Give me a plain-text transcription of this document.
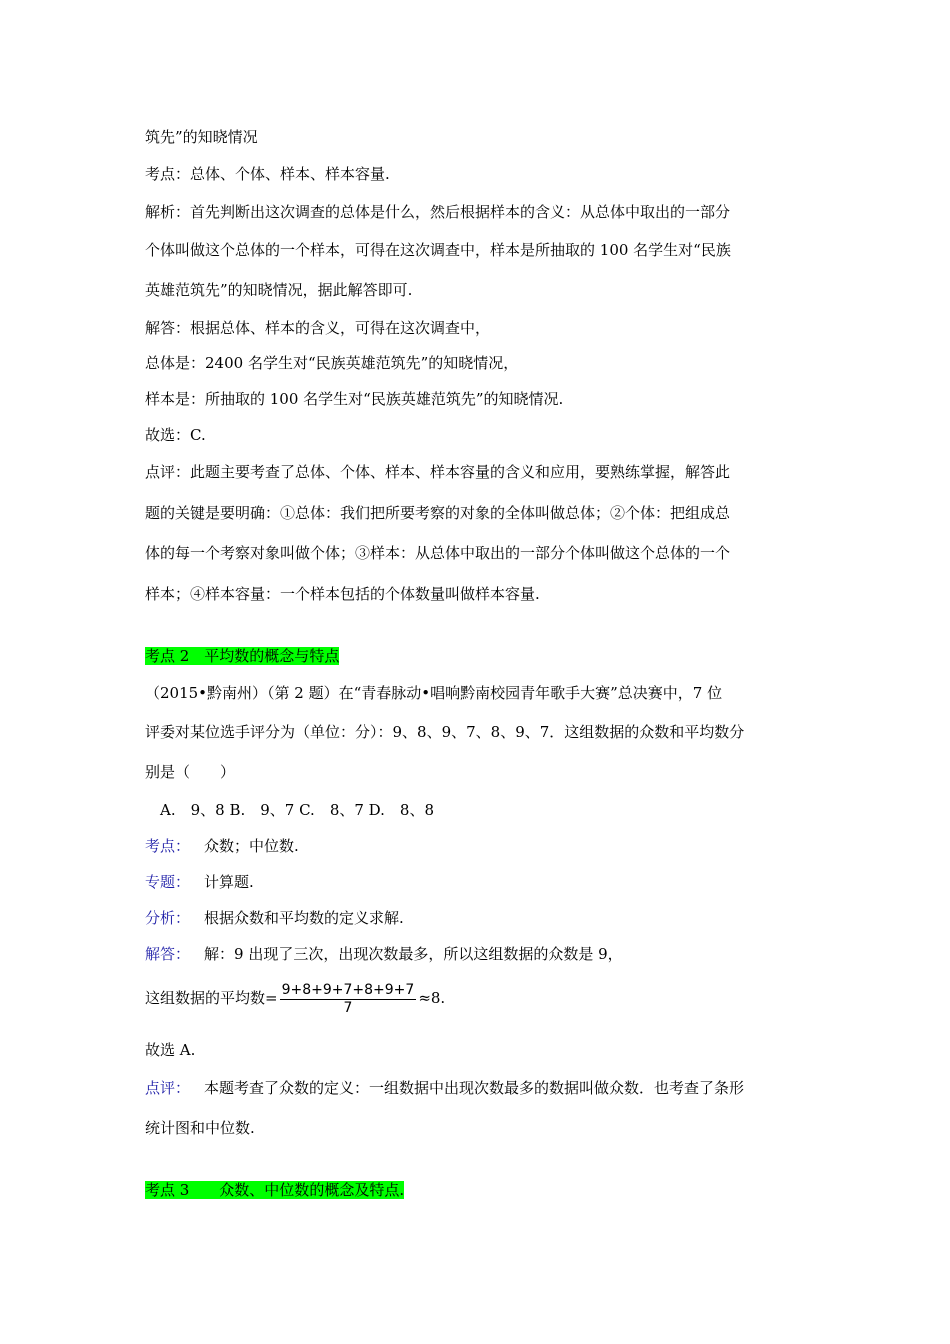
筑先”的知晓情况
考点：总体、个体、样本、样本容量.
解析：首先判断出这次调查的总体是什么，然后根据样本的含义：从总体中取出的一部分
个体叫做这个总体的一个样本，可得在这次调查中，样本是所抽取的 100 名学生对“民族
英雄范筑先”的知晓情况，据此解答即可.
解答：根据总体、样本的含义，可得在这次调查中，
总体是：2400 名学生对“民族英雄范筑先”的知晓情况，
样本是：所抽取的 100 名学生对“民族英雄范筑先”的知晓情况.
故选：C.
点评：此题主要考查了总体、个体、样本、样本容量的含义和应用，要熟练掌握，解答此
题的关键是要明确：①总体：我们把所要考察的对象的全体叫做总体；②个体：把组成总
体的每一个考察对象叫做个体；③样本：从总体中取出的一部分个体叫做这个总体的一个
样本；④样本容量：一个样本包括的个体数量叫做样本容量.
考点 2　平均数的概念与特点
（2015•黔南州）（第 2 题）在“青春脉动•唱响黔南校园青年歌手大赛”总决赛中，7 位
评委对某位选手评分为（单位：分）：9、8、9、7、8、9、7．这组数据的众数和平均数分
别是（　　）
A.　9、8 B.　9、7 C.　8、7 D.　8、8
考点： 众数；中位数.
专题： 计算题.
分析： 根据众数和平均数的定义求解.
解答： 解：9 出现了三次，出现次数最多，所以这组数据的众数是 9，
这组数据的平均数= $\frac{9+8+9+7+8+9+7}{7} \approx 8$.
故选 A.
点评： 本题考查了众数的定义：一组数据中出现次数最多的数据叫做众数．也考查了条形
统计图和中位数.
考点 3　　众数、中位数的概念及特点.
